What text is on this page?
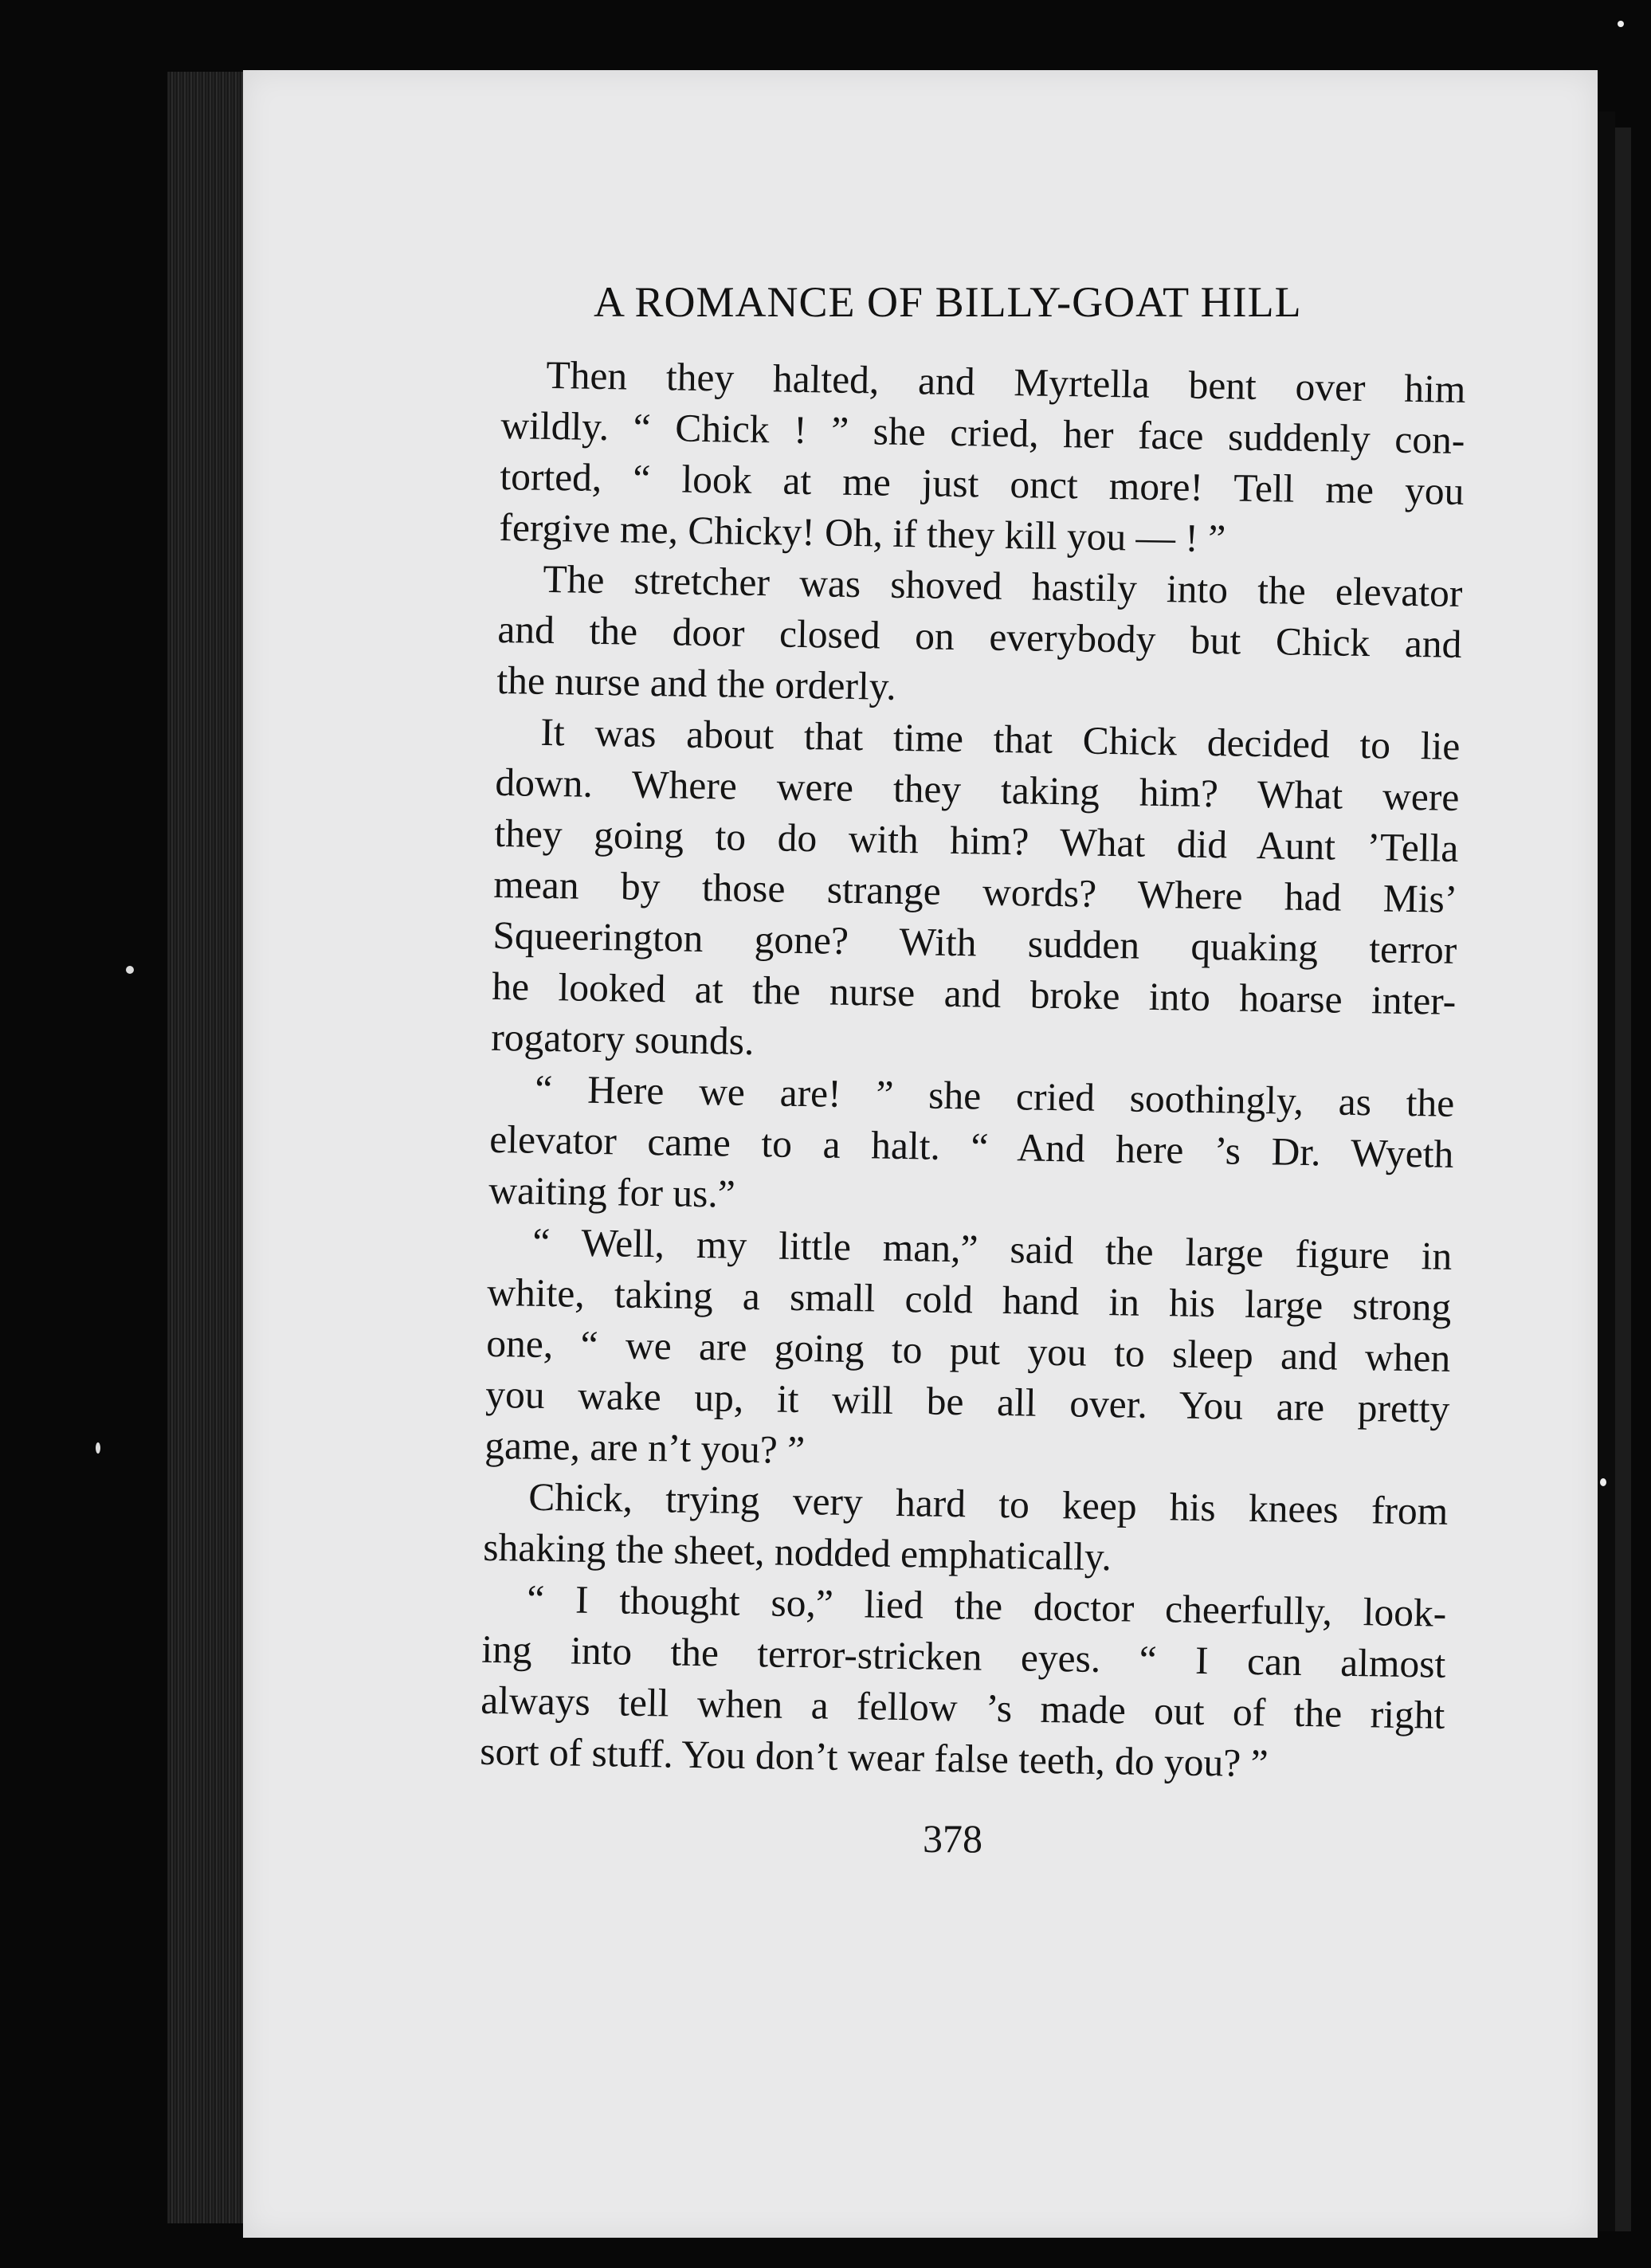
A ROMANCE OF BILLY-GOAT HILL

Then they halted, and Myrtella bent over him
wildly. “ Chick ! ” she cried, her face suddenly con-
torted, “ look at me just onct more! Tell me you
fergive me, Chicky! Oh, if they kill you — ! ”

The stretcher was shoved hastily into the elevator
and the door closed on everybody but Chick and
the nurse and the orderly.

It was about that time that Chick decided to lie
down. Where were they taking him? What were
they going to do with him? What did Aunt ’Tella
mean by those strange words? Where had Mis’
Squeerington gone? With sudden quaking terror
he looked at the nurse and broke into hoarse inter-
rogatory sounds.

“ Here we are! ” she cried soothingly, as the
elevator came to a halt. “ And here ’s Dr. Wyeth
waiting for us.”

“ Well, my little man,” said the large figure in
white, taking a small cold hand in his large strong
one, “ we are going to put you to sleep and when
you wake up, it will be all over. You are pretty
game, are n’t you? ”

Chick, trying very hard to keep his knees from
shaking the sheet, nodded emphatically.

“ I thought so,” lied the doctor cheerfully, look-
ing into the terror-stricken eyes. “ I can almost
always tell when a fellow ’s made out of the right
sort of stuff. You don’t wear false teeth, do you? ”

378
